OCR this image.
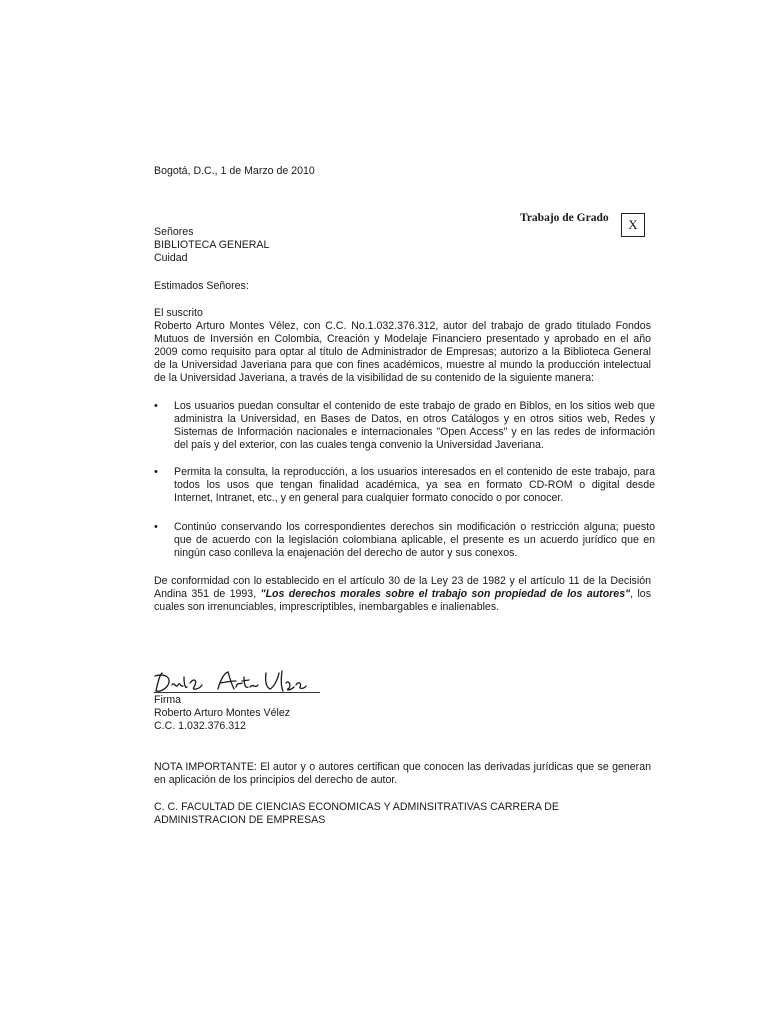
Bogotá, D.C., 1 de Marzo de 2010
Trabajo de Grado	X
Señores
BIBLIOTECA GENERAL
Cuidad
Estimados Señores:
El suscrito
Roberto Arturo Montes Vélez, con C.C. No.1.032.376.312, autor del trabajo de grado titulado Fondos
Mutuos de Inversión en Colombia, Creación y Modelaje Financiero presentado y aprobado en el año
2009 como requisito para optar al título de Administrador de Empresas; autorizo a la Biblioteca General
de la Universidad Javeriana para que con fines académicos, muestre al mundo la producción intelectual
de la Universidad Javeriana, a través de la visibilidad de su contenido de la siguiente manera:
• Los usuarios puedan consultar el contenido de este trabajo de grado en Biblos, en los sitios web que
administra la Universidad, en Bases de Datos, en otros Catálogos y en otros sitios web, Redes y
Sistemas de Información nacionales e internacionales "Open Access" y en las redes de información
del país y del exterior, con las cuales tenga convenio la Universidad Javeriana.
• Permita la consulta, la reproducción, a los usuarios interesados en el contenido de este trabajo, para
todos los usos que tengan finalidad académica, ya sea en formato CD-ROM o digital desde
Internet, Intranet, etc., y en general para cualquier formato conocido o por conocer.
• Continúo conservando los correspondientes derechos sin modificación o restricción alguna; puesto
que de acuerdo con la legislación colombiana aplicable, el presente es un acuerdo jurídico que en
ningún caso conlleva la enajenación del derecho de autor y sus conexos.
De conformidad con lo establecido en el artículo 30 de la Ley 23 de 1982 y el artículo 11 de la Decisión
Andina 351 de 1993, "Los derechos morales sobre el trabajo son propiedad de los autores", los
cuales son irrenunciables, imprescriptibles, inembargables e inalienables.
Firma
Roberto Arturo Montes Vélez
C.C. 1.032.376.312
NOTA IMPORTANTE: El autor y o autores certifican que conocen las derivadas jurídicas que se generan
en aplicación de los principios del derecho de autor.
C. C. FACULTAD DE CIENCIAS ECONOMICAS Y ADMINSITRATIVAS CARRERA DE
ADMINISTRACION DE EMPRESAS
